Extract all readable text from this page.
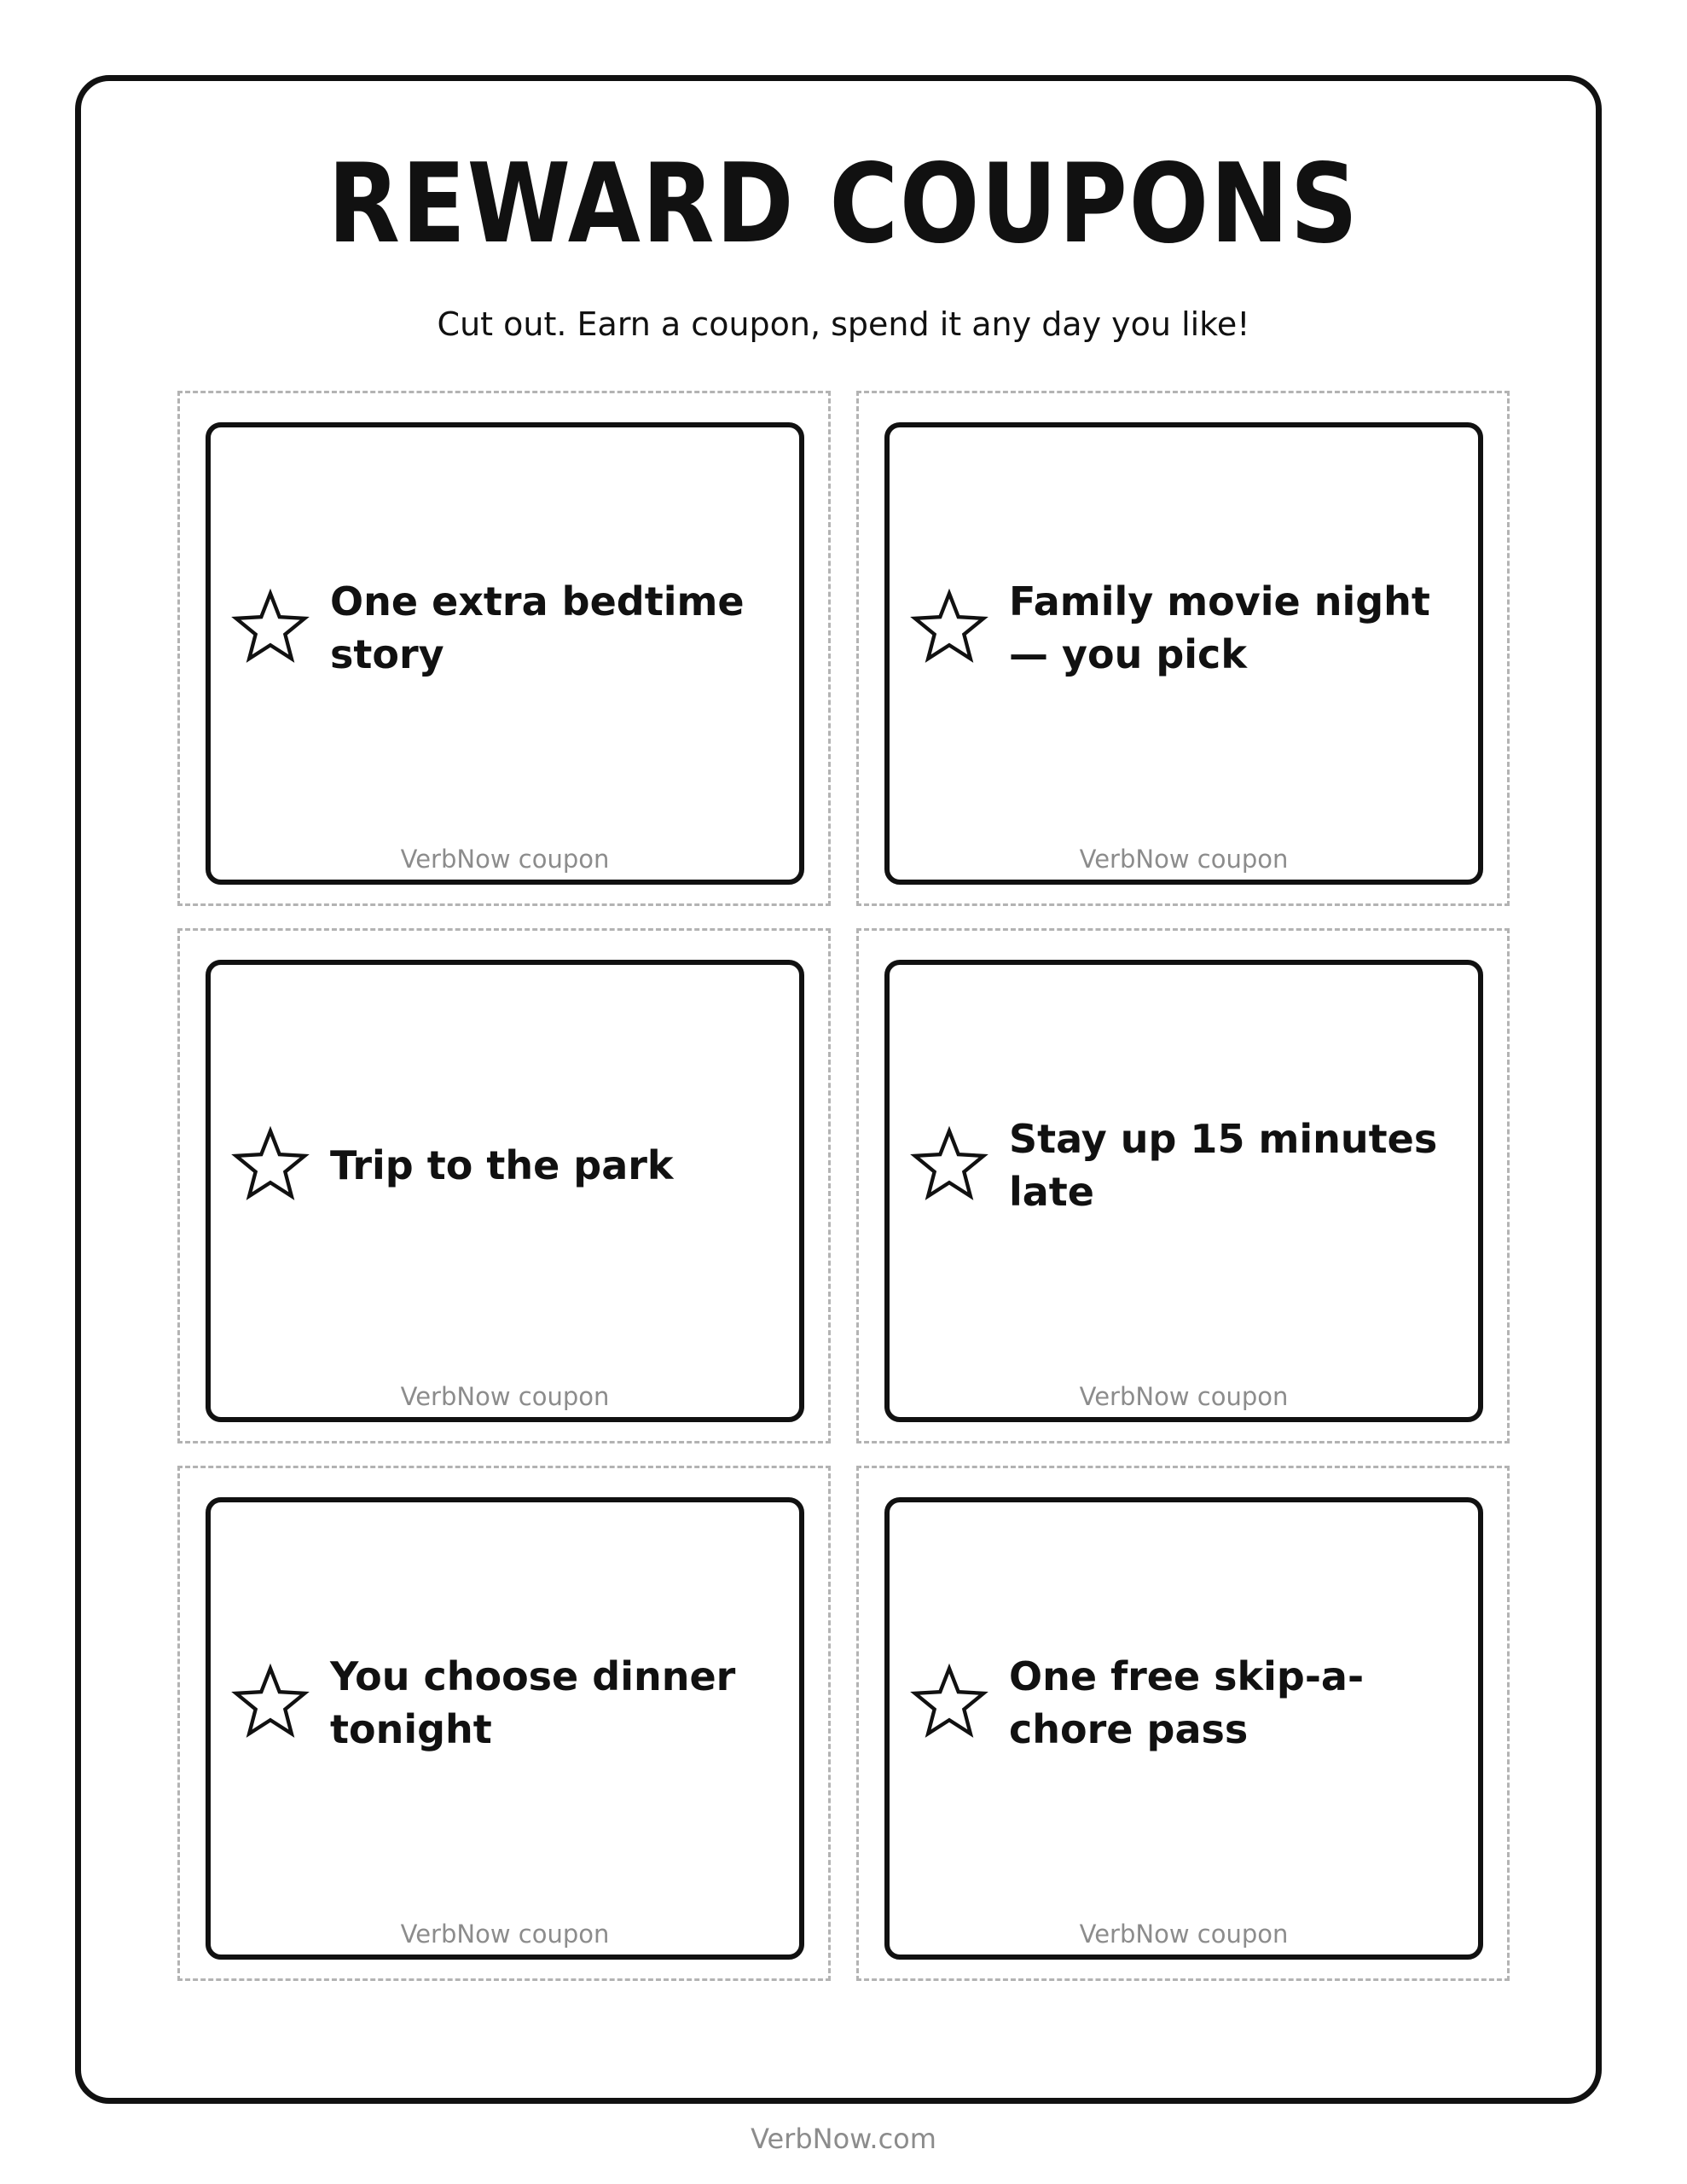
REWARD COUPONS
Cut out. Earn a coupon, spend it any day you like!
One extra bedtime story
VerbNow coupon
Family movie night — you pick
VerbNow coupon
Trip to the park
VerbNow coupon
Stay up 15 minutes late
VerbNow coupon
You choose dinner tonight
VerbNow coupon
One free skip-a-chore pass
VerbNow coupon
VerbNow.com
